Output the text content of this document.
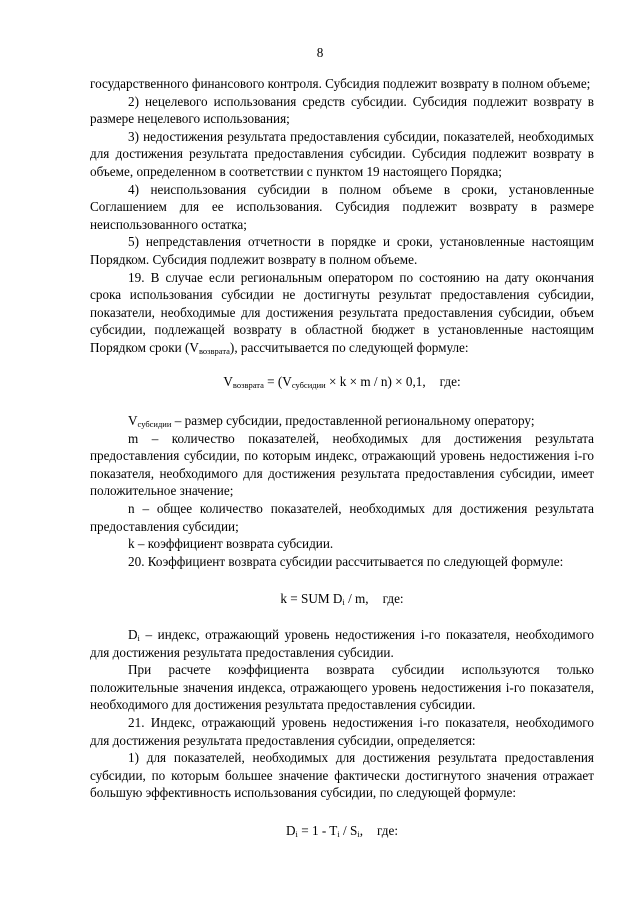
8

государственного финансового контроля. Субсидия подлежит возврату в полном объеме;

2) нецелевого использования средств субсидии. Субсидия подлежит возврату в размере нецелевого использования;

3) недостижения результата предоставления субсидии, показателей, необходимых для достижения результата предоставления субсидии. Субсидия подлежит возврату в объеме, определенном в соответствии с пунктом 19 настоящего Порядка;

4) неиспользования субсидии в полном объеме в сроки, установленные Соглашением для ее использования. Субсидия подлежит возврату в размере неиспользованного остатка;

5) непредставления отчетности в порядке и сроки, установленные настоящим Порядком. Субсидия подлежит возврату в полном объеме.

19. В случае если региональным оператором по состоянию на дату окончания срока использования субсидии не достигнуты результат предоставления субсидии, показатели, необходимые для достижения результата предоставления субсидии, объем субсидии, подлежащей возврату в областной бюджет в установленные настоящим Порядком сроки $(V_{возврата})$, рассчитывается по следующей формуле:

$V_{возврата} = (V_{субсидии} \times k \times m / n) \times 0,1$, где:

$V_{субсидии}$ – размер субсидии, предоставленной региональному оператору;

m – количество показателей, необходимых для достижения результата предоставления субсидии, по которым индекс, отражающий уровень недостижения i-го показателя, необходимого для достижения результата предоставления субсидии, имеет положительное значение;

n – общее количество показателей, необходимых для достижения результата предоставления субсидии;

k – коэффициент возврата субсидии.

20. Коэффициент возврата субсидии рассчитывается по следующей формуле:

k = SUM $D_i$ / m, где:

$D_i$ – индекс, отражающий уровень недостижения i-го показателя, необходимого для достижения результата предоставления субсидии.

При расчете коэффициента возврата субсидии используются только положительные значения индекса, отражающего уровень недостижения i-го показателя, необходимого для достижения результата предоставления субсидии.

21. Индекс, отражающий уровень недостижения i-го показателя, необходимого для достижения результата предоставления субсидии, определяется:

1) для показателей, необходимых для достижения результата предоставления субсидии, по которым большее значение фактически достигнутого значения отражает большую эффективность использования субсидии, по следующей формуле:

$D_i = 1 - T_i / S_i$, где:
